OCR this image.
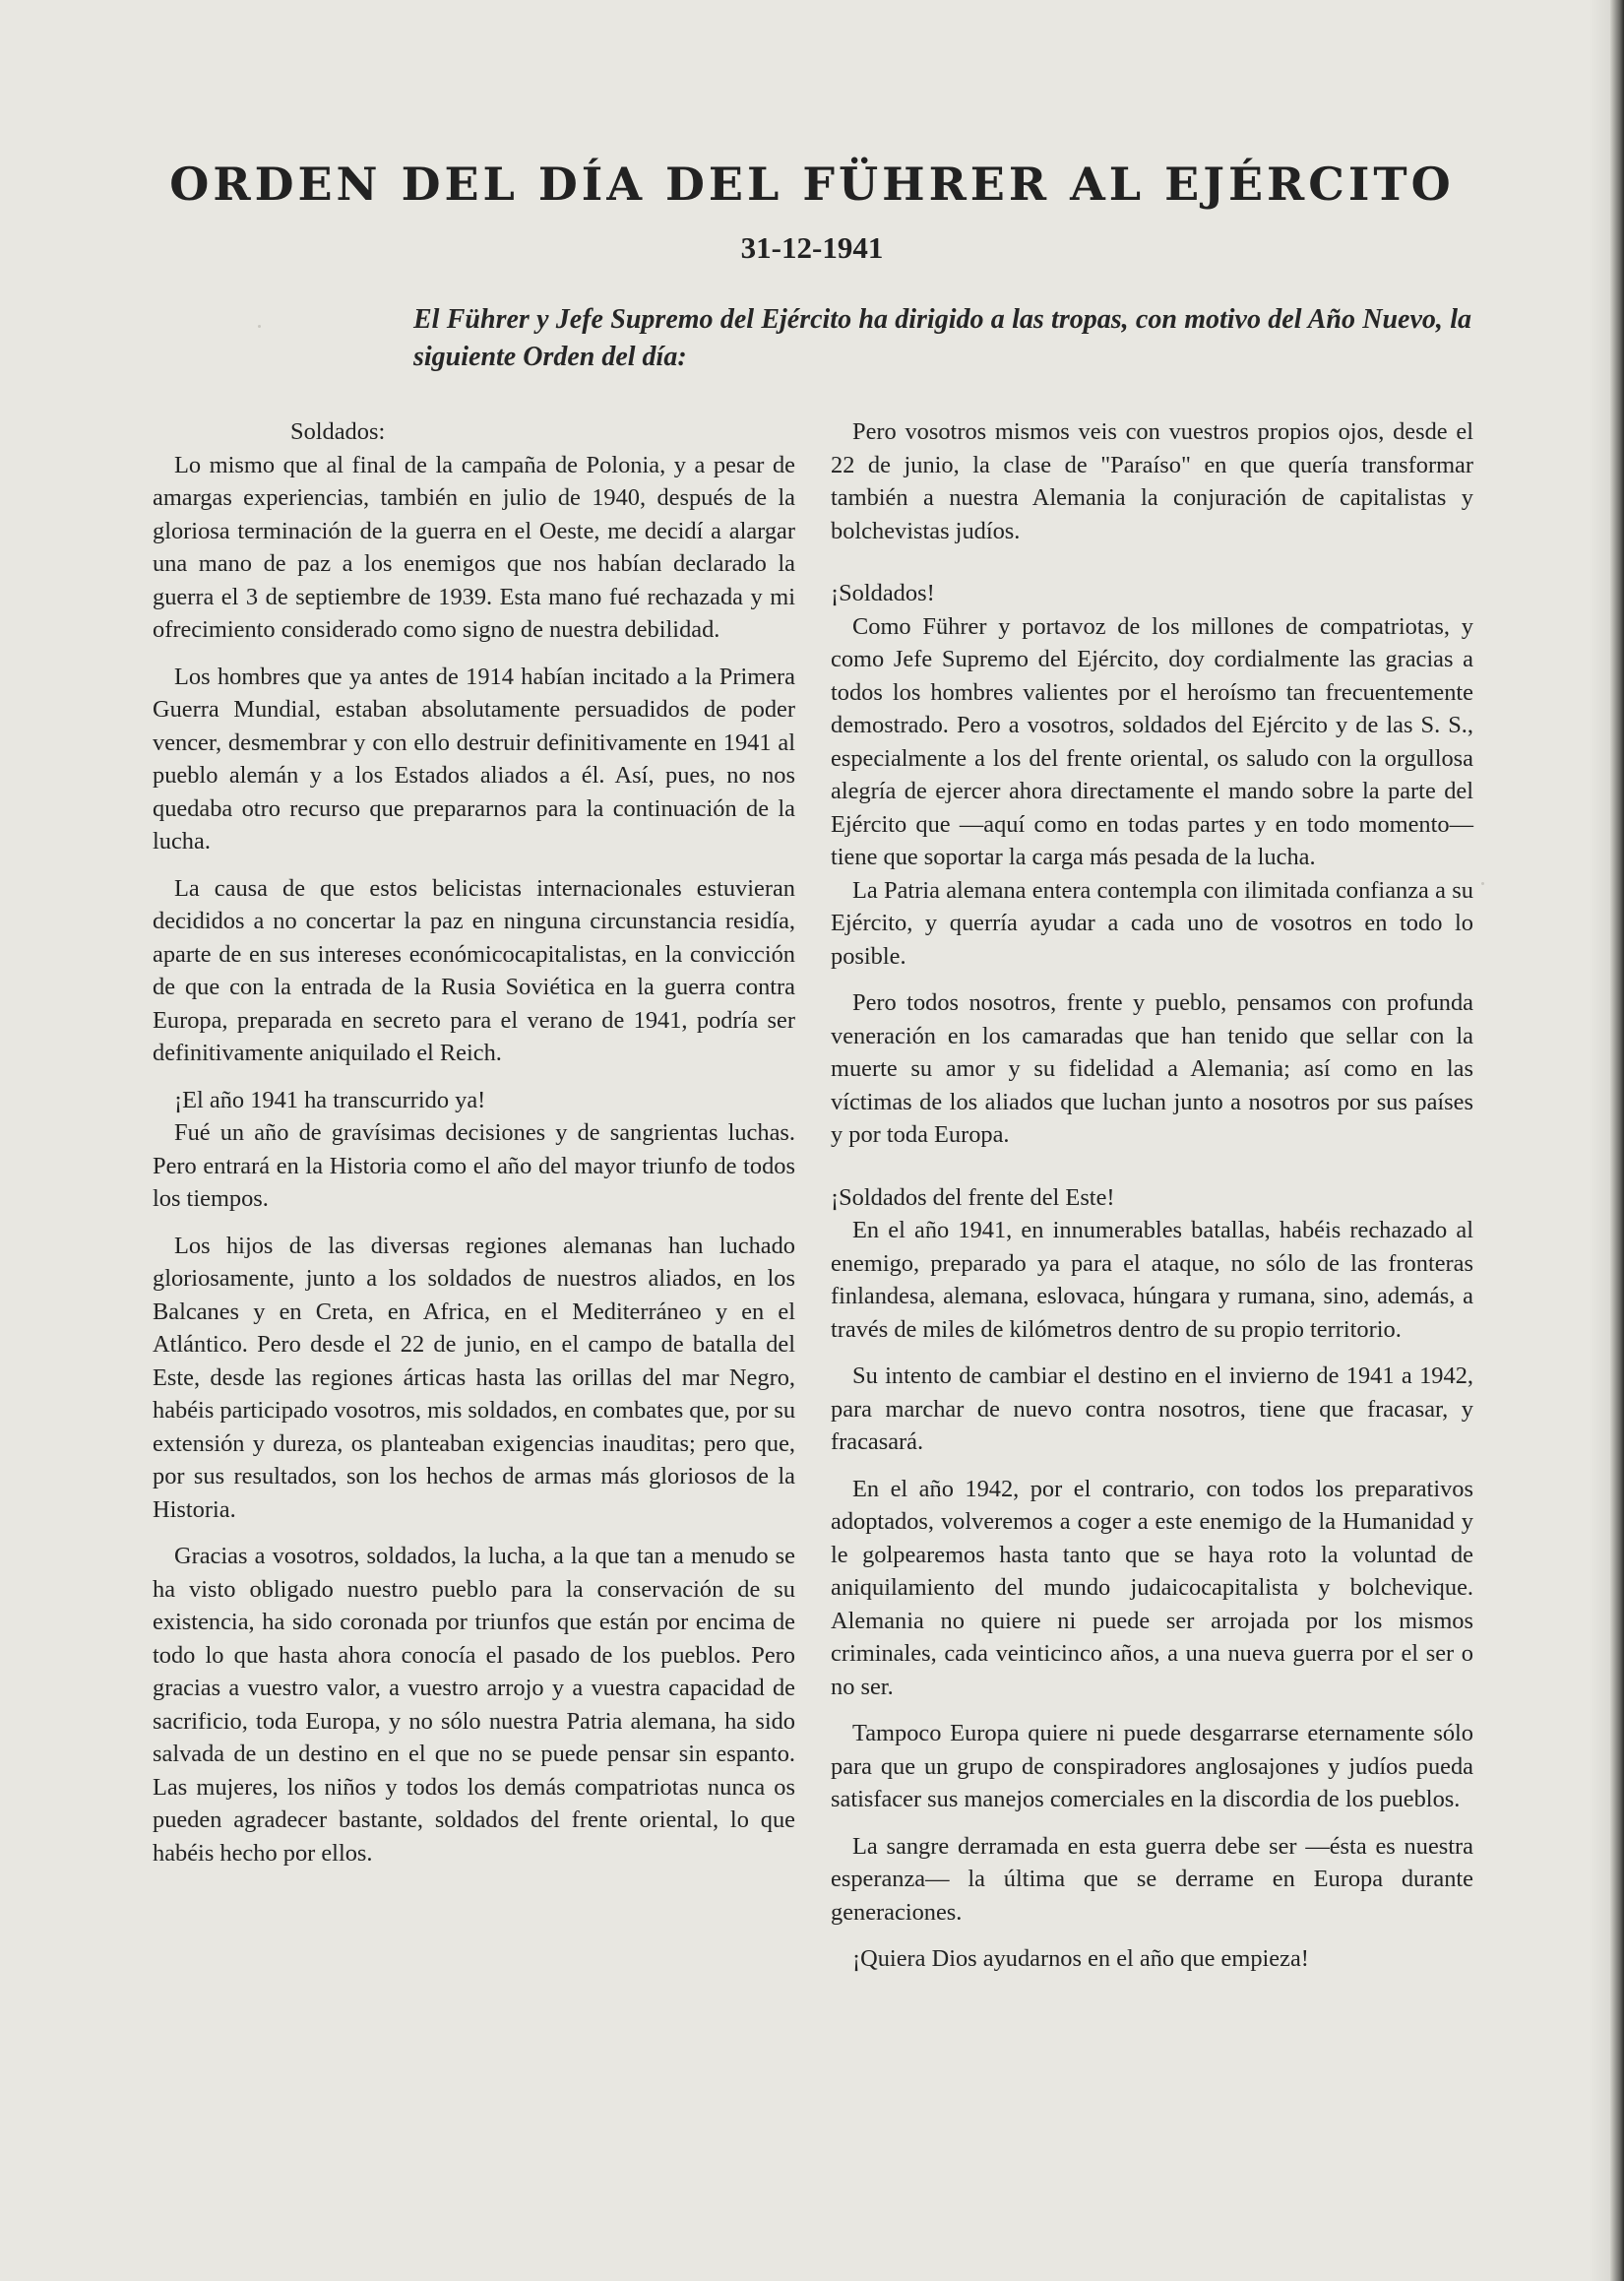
ORDEN DEL DÍA DEL FÜHRER AL EJÉRCITO
31-12-1941
El Führer y Jefe Supremo del Ejército ha dirigido a las tropas, con motivo del Año Nuevo, la siguiente Orden del día:

Soldados:

Lo mismo que al final de la campaña de Polonia, y a pesar de amargas experiencias, también en julio de 1940, después de la gloriosa terminación de la guerra en el Oeste, me decidí a alargar una mano de paz a los enemigos que nos habían declarado la guerra el 3 de septiembre de 1939. Esta mano fué rechazada y mi ofrecimiento considerado como signo de nuestra debilidad.

Los hombres que ya antes de 1914 habían incitado a la Primera Guerra Mundial, estaban absolutamente persuadidos de poder vencer, desmembrar y con ello destruir definitivamente en 1941 al pueblo alemán y a los Estados aliados a él. Así, pues, no nos quedaba otro recurso que prepararnos para la continuación de la lucha.

La causa de que estos belicistas internacionales estuvieran decididos a no concertar la paz en ninguna circunstancia residía, aparte de en sus intereses económicocapitalistas, en la convicción de que con la entrada de la Rusia Soviética en la guerra contra Europa, preparada en secreto para el verano de 1941, podría ser definitivamente aniquilado el Reich.

¡El año 1941 ha transcurrido ya!

Fué un año de gravísimas decisiones y de sangrientas luchas. Pero entrará en la Historia como el año del mayor triunfo de todos los tiempos.

Los hijos de las diversas regiones alemanas han luchado gloriosamente, junto a los soldados de nuestros aliados, en los Balcanes y en Creta, en Africa, en el Mediterráneo y en el Atlántico. Pero desde el 22 de junio, en el campo de batalla del Este, desde las regiones árticas hasta las orillas del mar Negro, habéis participado vosotros, mis soldados, en combates que, por su extensión y dureza, os planteaban exigencias inauditas; pero que, por sus resultados, son los hechos de armas más gloriosos de la Historia.

Gracias a vosotros, soldados, la lucha, a la que tan a menudo se ha visto obligado nuestro pueblo para la conservación de su existencia, ha sido coronada por triunfos que están por encima de todo lo que hasta ahora conocía el pasado de los pueblos. Pero gracias a vuestro valor, a vuestro arrojo y a vuestra capacidad de sacrificio, toda Europa, y no sólo nuestra Patria alemana, ha sido salvada de un destino en el que no se puede pensar sin espanto. Las mujeres, los niños y todos los demás compatriotas nunca os pueden agradecer bastante, soldados del frente oriental, lo que habéis hecho por ellos.

Pero vosotros mismos veis con vuestros propios ojos, desde el 22 de junio, la clase de "Paraíso" en que quería transformar también a nuestra Alemania la conjuración de capitalistas y bolchevistas judíos.

¡Soldados!

Como Führer y portavoz de los millones de compatriotas, y como Jefe Supremo del Ejército, doy cordialmente las gracias a todos los hombres valientes por el heroísmo tan frecuentemente demostrado. Pero a vosotros, soldados del Ejército y de las S. S., especialmente a los del frente oriental, os saludo con la orgullosa alegría de ejercer ahora directamente el mando sobre la parte del Ejército que —aquí como en todas partes y en todo momento— tiene que soportar la carga más pesada de la lucha.

La Patria alemana entera contempla con ilimitada confianza a su Ejército, y querría ayudar a cada uno de vosotros en todo lo posible.

Pero todos nosotros, frente y pueblo, pensamos con profunda veneración en los camaradas que han tenido que sellar con la muerte su amor y su fidelidad a Alemania; así como en las víctimas de los aliados que luchan junto a nosotros por sus países y por toda Europa.

¡Soldados del frente del Este!

En el año 1941, en innumerables batallas, habéis rechazado al enemigo, preparado ya para el ataque, no sólo de las fronteras finlandesa, alemana, eslovaca, húngara y rumana, sino, además, a través de miles de kilómetros dentro de su propio territorio.

Su intento de cambiar el destino en el invierno de 1941 a 1942, para marchar de nuevo contra nosotros, tiene que fracasar, y fracasará.

En el año 1942, por el contrario, con todos los preparativos adoptados, volveremos a coger a este enemigo de la Humanidad y le golpearemos hasta tanto que se haya roto la voluntad de aniquilamiento del mundo judaicocapitalista y bolchevique. Alemania no quiere ni puede ser arrojada por los mismos criminales, cada veinticinco años, a una nueva guerra por el ser o no ser.

Tampoco Europa quiere ni puede desgarrarse eternamente sólo para que un grupo de conspiradores anglosajones y judíos pueda satisfacer sus manejos comerciales en la discordia de los pueblos.

La sangre derramada en esta guerra debe ser —ésta es nuestra esperanza— la última que se derrame en Europa durante generaciones.

¡Quiera Dios ayudarnos en el año que empieza!
